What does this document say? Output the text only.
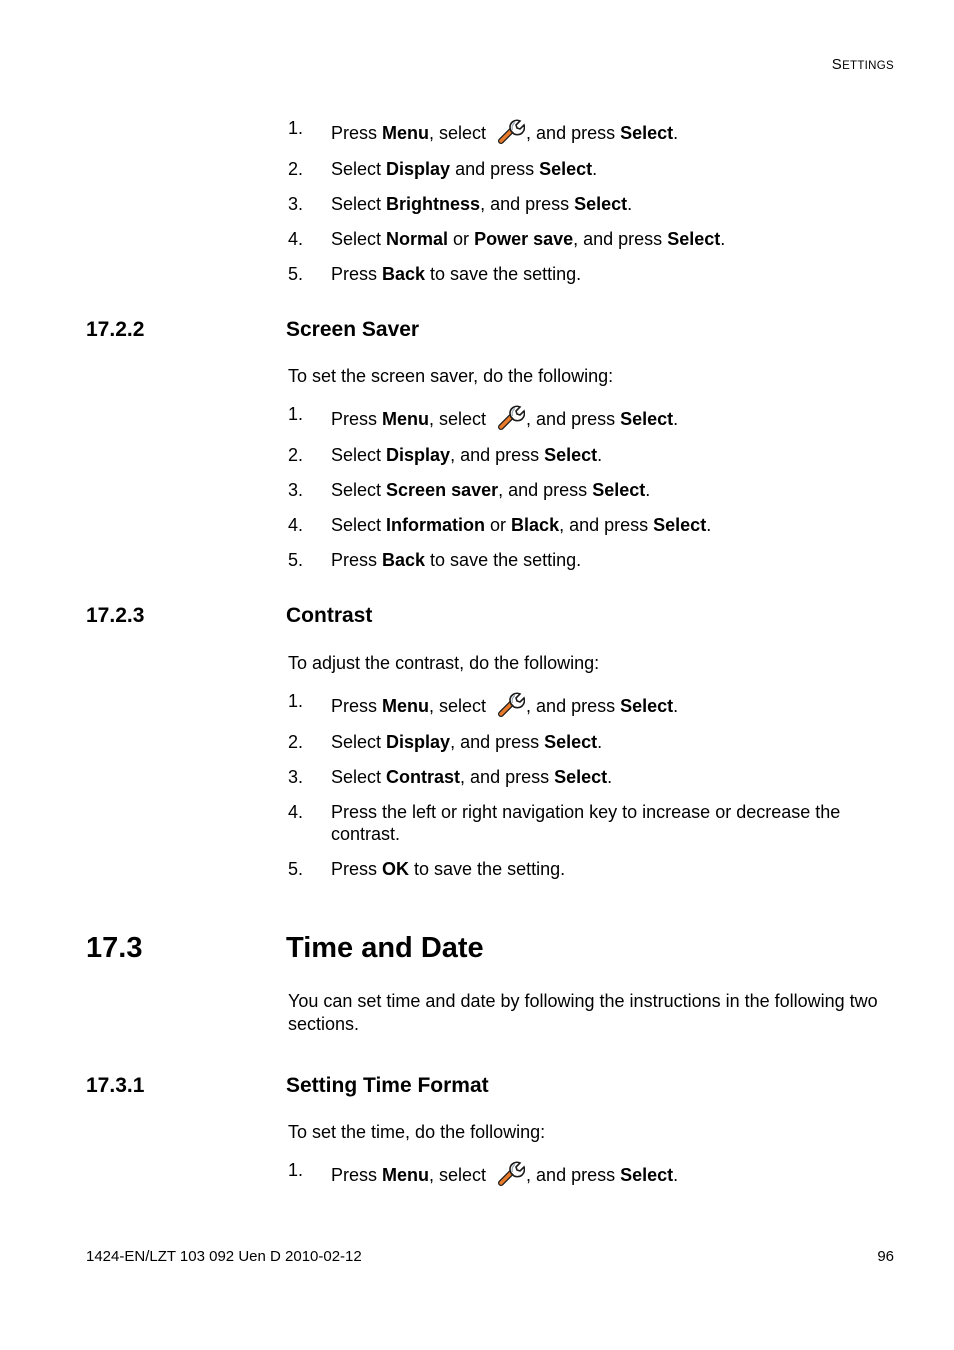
SETTINGS
1. Press Menu, select , and press Select.
2. Select Display and press Select.
3. Select Brightness, and press Select.
4. Select Normal or Power save, and press Select.
5. Press Back to save the setting.
17.2.2	Screen Saver
To set the screen saver, do the following:
1. Press Menu, select , and press Select.
2. Select Display, and press Select.
3. Select Screen saver, and press Select.
4. Select Information or Black, and press Select.
5. Press Back to save the setting.
17.2.3	Contrast
To adjust the contrast, do the following:
1. Press Menu, select , and press Select.
2. Select Display, and press Select.
3. Select Contrast, and press Select.
4. Press the left or right navigation key to increase or decrease the contrast.
5. Press OK to save the setting.
17.3	Time and Date
You can set time and date by following the instructions in the following two sections.
17.3.1	Setting Time Format
To set the time, do the following:
1. Press Menu, select , and press Select.
1424-EN/LZT 103 092 Uen D 2010-02-12	96
